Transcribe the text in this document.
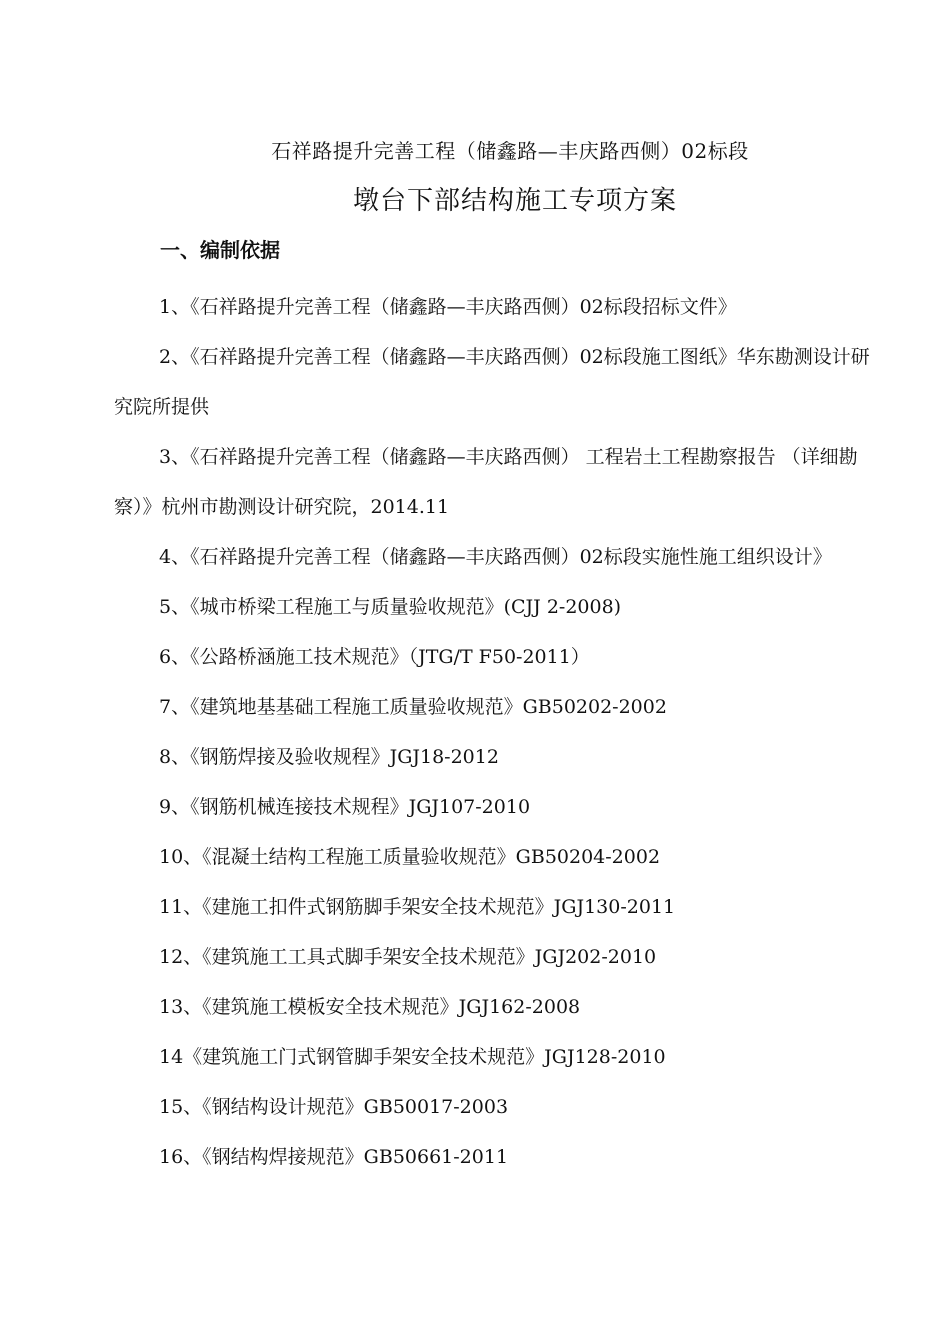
石祥路提升完善工程（储鑫路—丰庆路西侧）02标段
墩台下部结构施工专项方案
一、编制依据
1、《石祥路提升完善工程（储鑫路—丰庆路西侧）02标段招标文件》
2、《石祥路提升完善工程（储鑫路—丰庆路西侧）02标段施工图纸》华东勘测设计研究院所提供
3、《石祥路提升完善工程（储鑫路—丰庆路西侧） 工程岩土工程勘察报告 （详细勘察）》杭州市勘测设计研究院，2014.11
4、《石祥路提升完善工程（储鑫路—丰庆路西侧）02标段实施性施工组织设计》
5、《城市桥梁工程施工与质量验收规范》(CJJ 2-2008)
6、《公路桥涵施工技术规范》（JTG/T F50-2011）
7、《建筑地基基础工程施工质量验收规范》GB50202-2002
8、《钢筋焊接及验收规程》JGJ18-2012
9、《钢筋机械连接技术规程》JGJ107-2010
10、《混凝土结构工程施工质量验收规范》GB50204-2002
11、《建施工扣件式钢筋脚手架安全技术规范》JGJ130-2011
12、《建筑施工工具式脚手架安全技术规范》JGJ202-2010
13、《建筑施工模板安全技术规范》JGJ162-2008
14《建筑施工门式钢管脚手架安全技术规范》JGJ128-2010
15、《钢结构设计规范》GB50017-2003
16、《钢结构焊接规范》GB50661-2011
